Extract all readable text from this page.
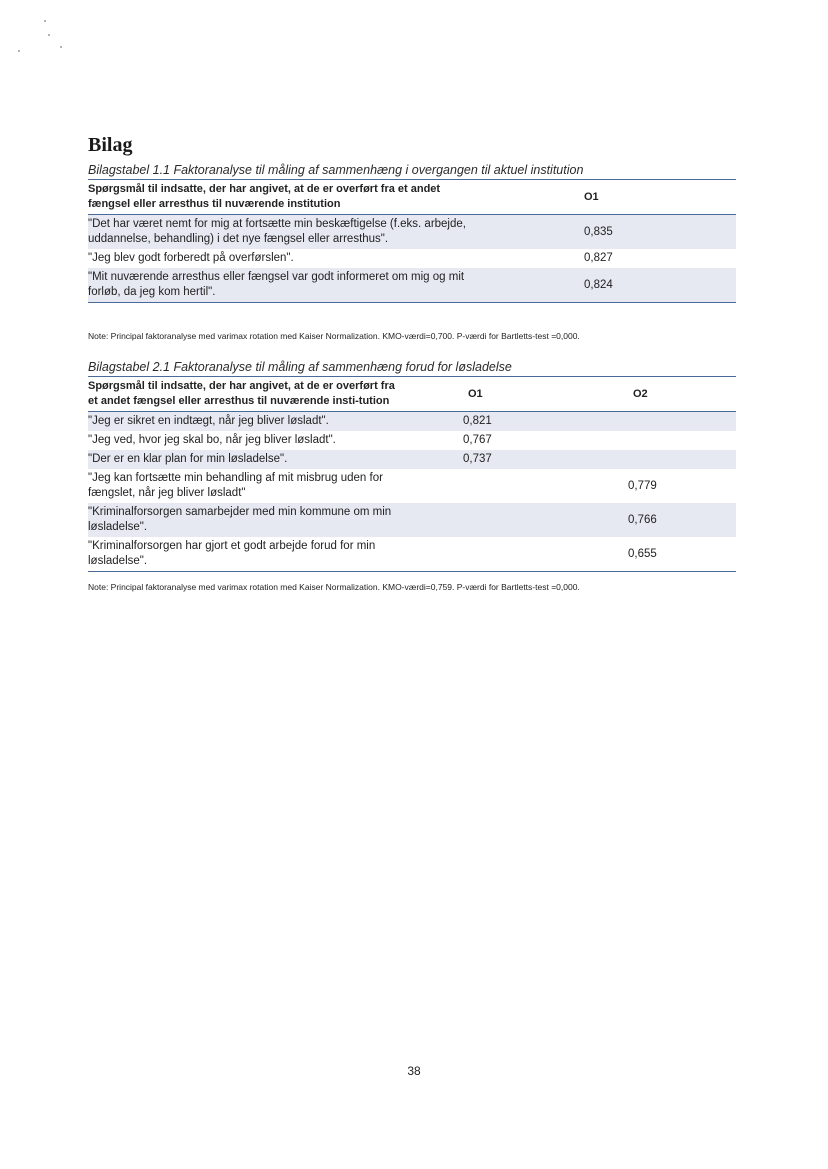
Bilag
Bilagstabel 1.1 Faktoranalyse til måling af sammenhæng i overgangen til aktuel institution
Spørgsmål til indsatte, der har angivet, at de er overført fra et andet fængsel eller arresthus til nuværende institution	O1
"Det har været nemt for mig at fortsætte min beskæftigelse (f.eks. arbejde, uddannelse, behandling) i det nye fængsel eller arresthus".	0,835
"Jeg blev godt forberedt på overførslen".	0,827
"Mit nuværende arresthus eller fængsel var godt informeret om mig og mit forløb, da jeg kom hertil".	0,824
Note: Principal faktoranalyse med varimax rotation med Kaiser Normalization. KMO-værdi=0,700. P-værdi for Bartletts-test =0,000.
Bilagstabel 2.1 Faktoranalyse til måling af sammenhæng forud for løsladelse
Spørgsmål til indsatte, der har angivet, at de er overført fra et andet fængsel eller arresthus til nuværende insti-tution	O1	O2
"Jeg er sikret en indtægt, når jeg bliver løsladt".	0,821	
"Jeg ved, hvor jeg skal bo, når jeg bliver løsladt".	0,767	
"Der er en klar plan for min løsladelse".	0,737	
"Jeg kan fortsætte min behandling af mit misbrug uden for fængslet, når jeg bliver løsladt"		0,779
"Kriminalforsorgen samarbejder med min kommune om min løsladelse".		0,766
"Kriminalforsorgen har gjort et godt arbejde forud for min løsladelse".		0,655
Note: Principal faktoranalyse med varimax rotation med Kaiser Normalization. KMO-værdi=0,759. P-værdi for Bartletts-test =0,000.
38
